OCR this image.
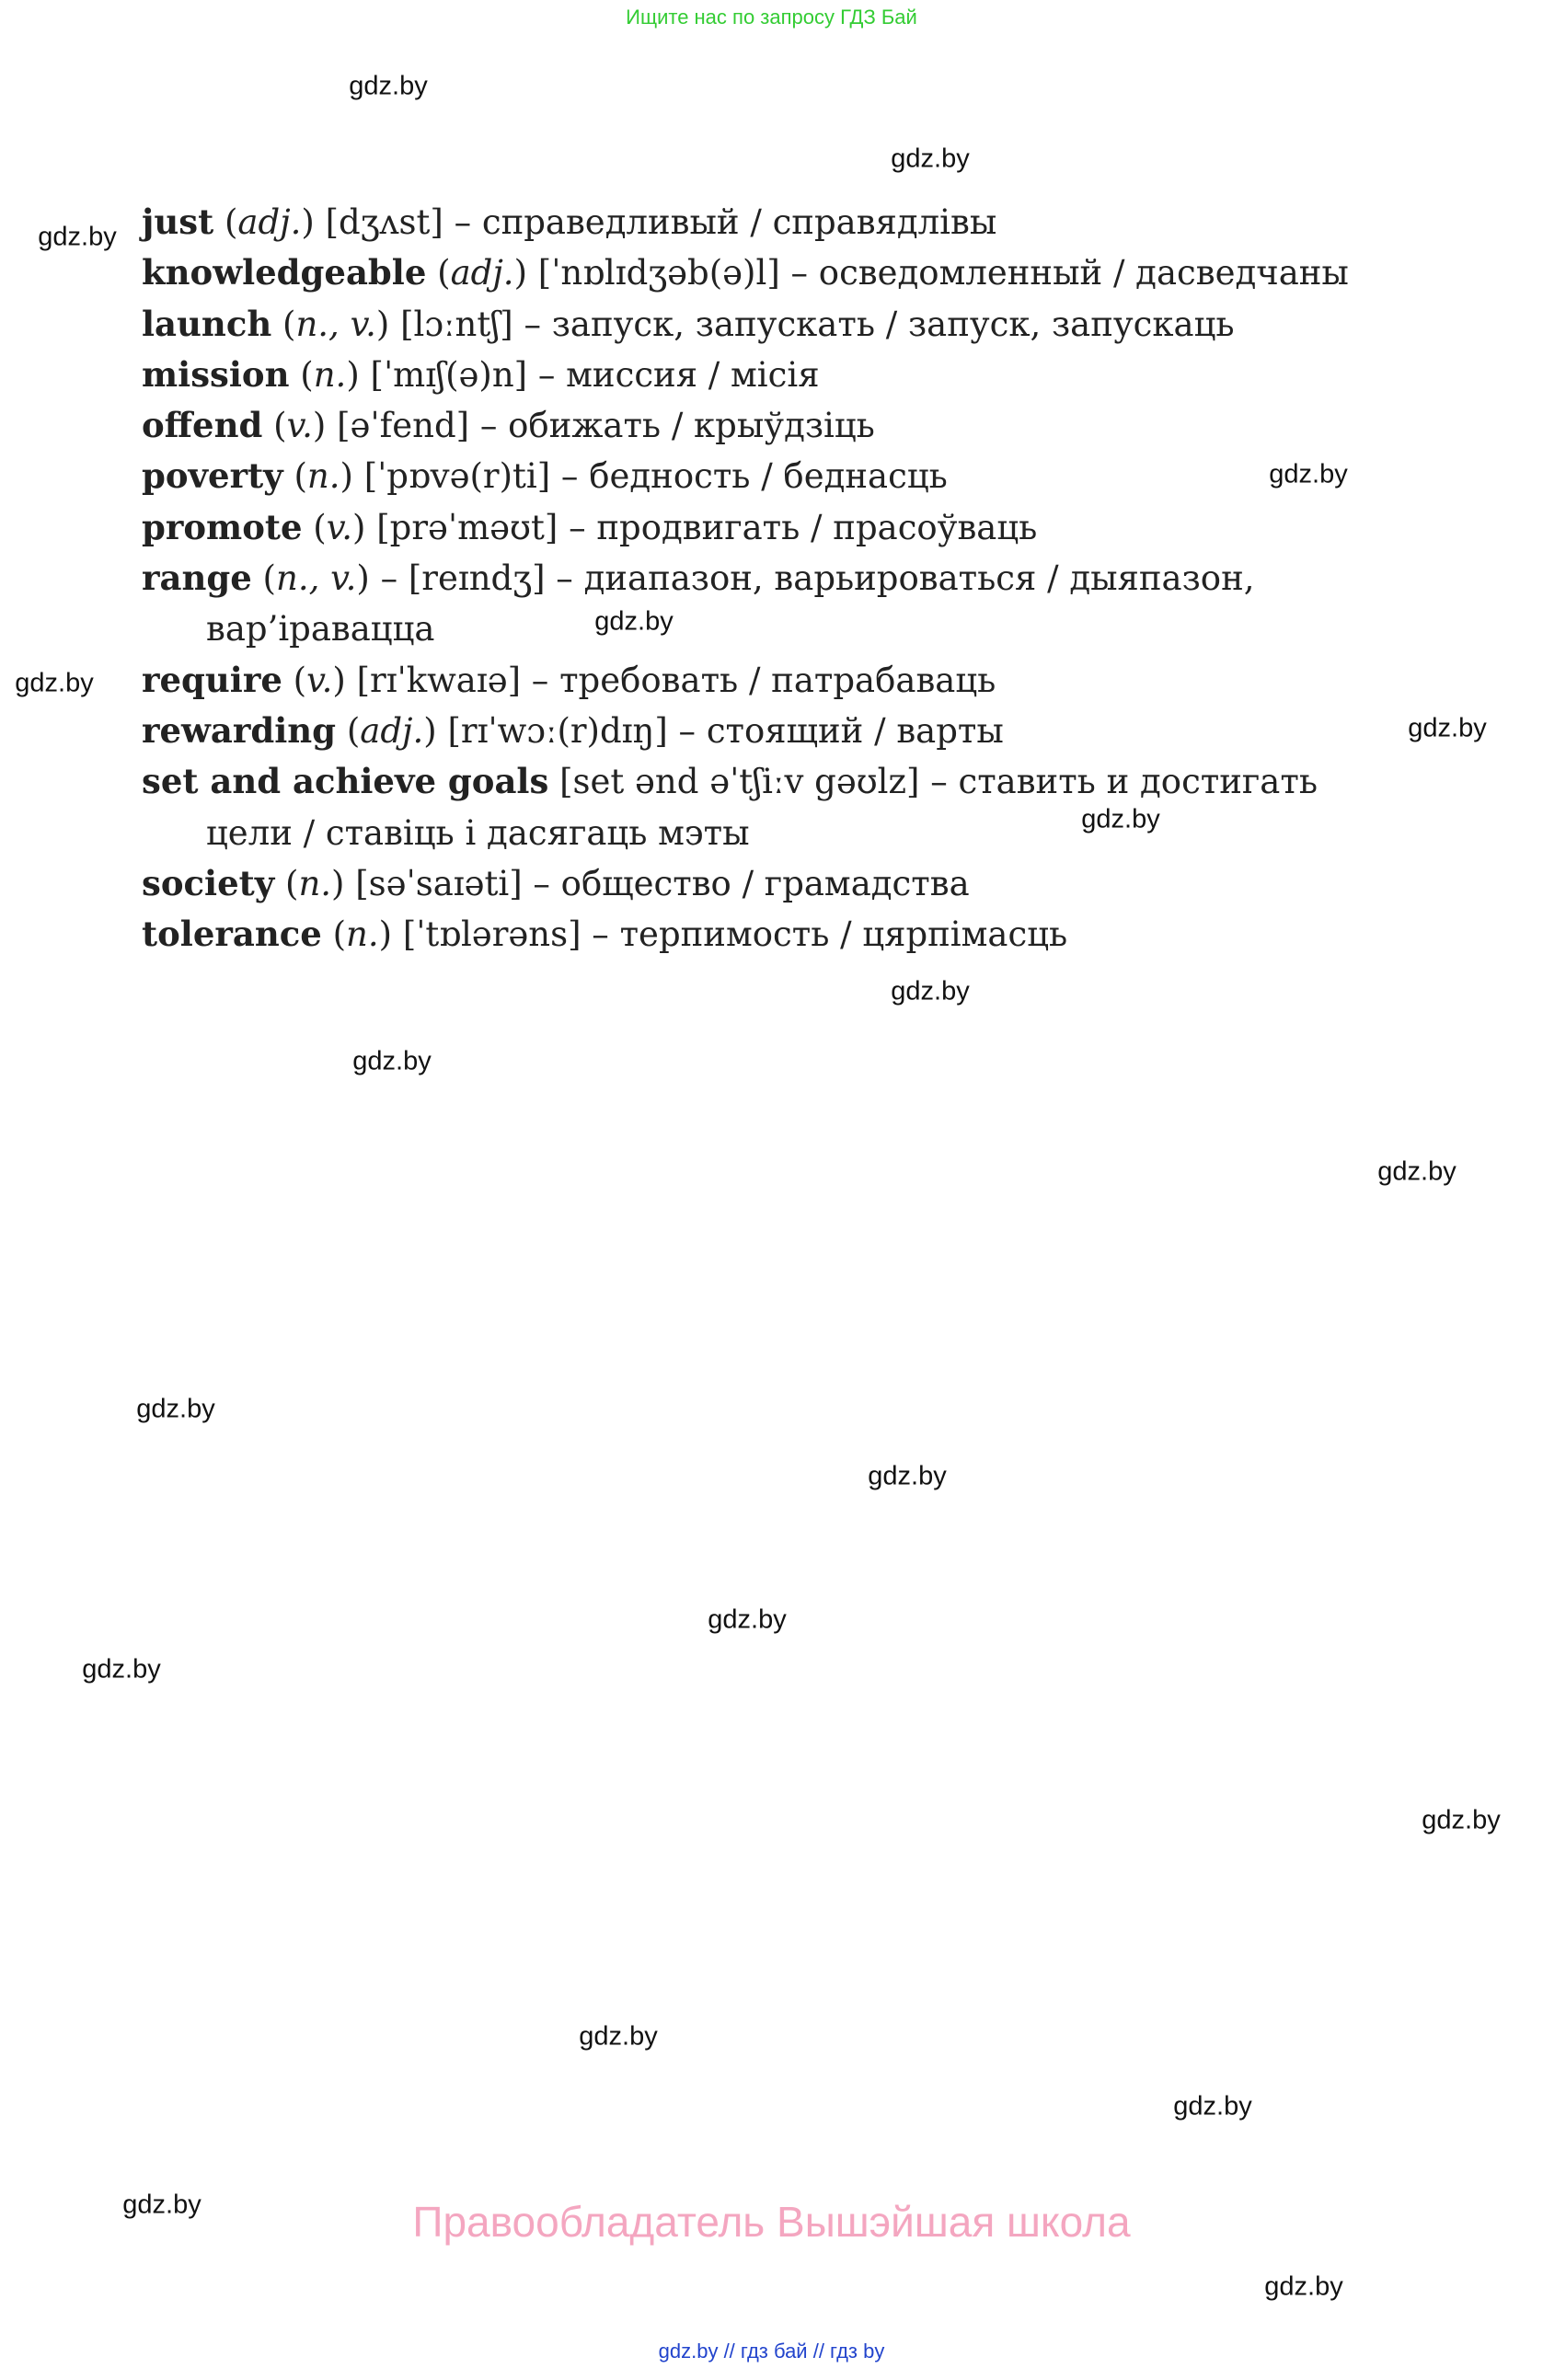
Ищите нас по запросу ГДЗ Бай
just (adj.) [dʒʌst] – справедливый / справядлівы
knowledgeable (adj.) [ˈnɒlɪdʒəb(ə)l] – осведомленный / дасведчаны
launch (n., v.) [lɔːntʃ] – запуск, запускать / запуск, запускаць
mission (n.) [ˈmɪʃ(ə)n] – миссия / місія
offend (v.) [əˈfend] – обижать / крыўдзіць
poverty (n.) [ˈpɒvə(r)ti] – бедность / беднасць
promote (v.) [prəˈməʊt] – продвигать / прасоўваць
range (n., v.) – [reɪndʒ] – диапазон, варьироваться / дыяпазон,
вар’іравацца
require (v.) [rɪˈkwaɪə] – требовать / патрабаваць
rewarding (adj.) [rɪˈwɔː(r)dɪŋ] – стоящий / варты
set and achieve goals [set ənd əˈtʃiːv gəʊlz] – ставить и достигать
цели / ставіць і дасягаць мэты
society (n.) [səˈsaɪəti] – общество / грамадства
tolerance (n.) [ˈtɒlərəns] – терпимость / цярпімасць
gdz.by
gdz.by
gdz.by
gdz.by
gdz.by
gdz.by
gdz.by
gdz.by
gdz.by
gdz.by
gdz.by
gdz.by
gdz.by
gdz.by
gdz.by
gdz.by
gdz.by
gdz.by
gdz.by
gdz.by
Правообладатель Вышэйшая школа
gdz.by // гдз бай // гдз by
